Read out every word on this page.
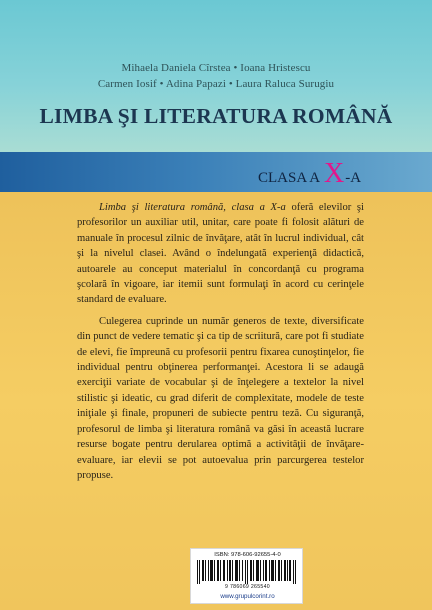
Mihaela Daniela Cîrstea • Ioana Hristescu
Carmen Iosif • Adina Papazi • Laura Raluca Surugiu
LIMBA ŞI LITERATURA ROMÂNĂ
CLASA A X-A

Limba şi literatura română, clasa a X-a oferă elevilor şi profesorilor un auxiliar util, unitar, care poate fi folosit alături de manuale în procesul zilnic de învăţare, atât în lucrul individual, cât şi la nivelul clasei. Având o îndelungată experienţă didactică, autoarele au conceput materialul în concordanţă cu programa şcolară în vigoare, iar itemii sunt formulaţi în acord cu cerinţele standard de evaluare.

Culegerea cuprinde un număr generos de texte, diversificate din punct de vedere tematic şi ca tip de scriitură, care pot fi studiate de elevi, fie împreună cu profesorii pentru fixarea cunoştinţelor, fie individual pentru obţinerea performanţei. Acestora li se adaugă exerciţii variate de vocabular şi de înţelegere a textelor la nivel stilistic şi ideatic, cu grad diferit de complexitate, modele de teste iniţiale şi finale, propuneri de subiecte pentru teză. Cu siguranţă, profesorul de limba şi literatura română va găsi în această lucrare resurse bogate pentru derularea optimă a activităţii de învăţare-evaluare, iar elevii se pot autoevalua prin parcurgerea testelor propuse.

ISBN: 978-606-92655-4-0
9 786069 265540
www.grupulcorint.ro
